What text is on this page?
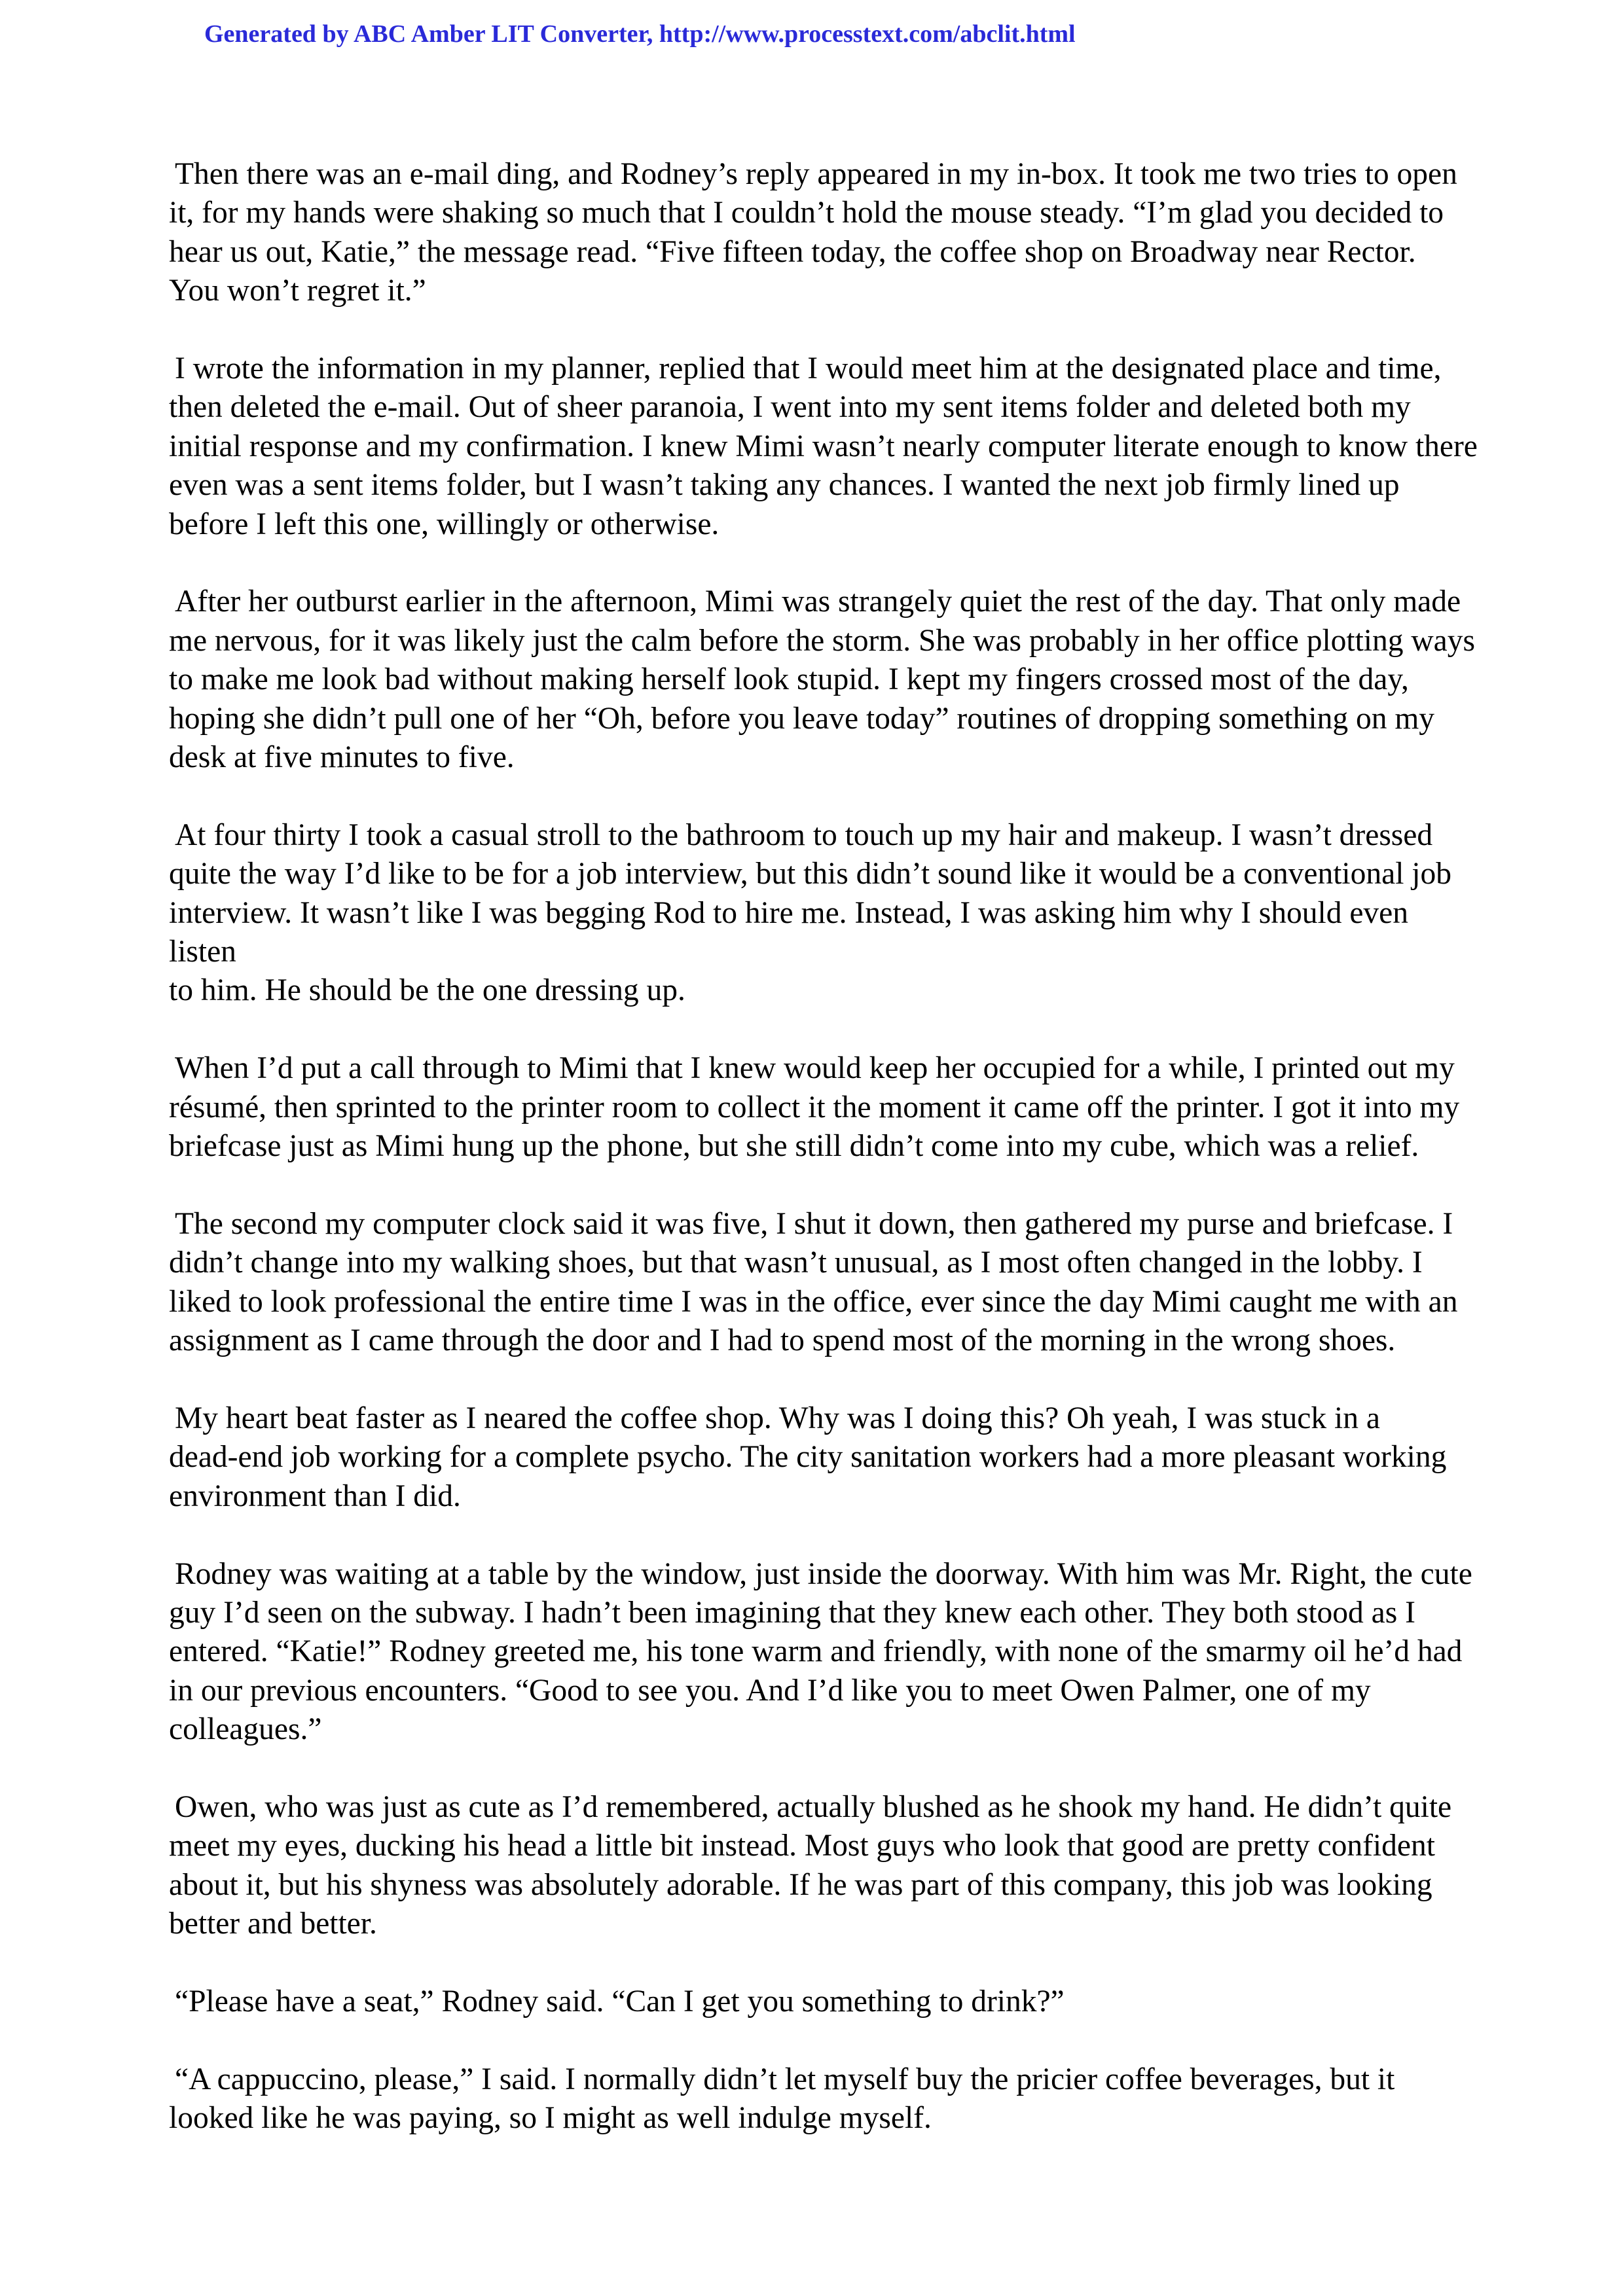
Generated by ABC Amber LIT Converter, http://www.processtext.com/abclit.html

Then there was an e-mail ding, and Rodney’s reply appeared in my in-box. It took me two tries to open
it, for my hands were shaking so much that I couldn’t hold the mouse steady. “I’m glad you decided to
hear us out, Katie,” the message read. “Five fifteen today, the coffee shop on Broadway near Rector.
You won’t regret it.”

I wrote the information in my planner, replied that I would meet him at the designated place and time,
then deleted the e-mail. Out of sheer paranoia, I went into my sent items folder and deleted both my
initial response and my confirmation. I knew Mimi wasn’t nearly computer literate enough to know there
even was a sent items folder, but I wasn’t taking any chances. I wanted the next job firmly lined up
before I left this one, willingly or otherwise.

After her outburst earlier in the afternoon, Mimi was strangely quiet the rest of the day. That only made
me nervous, for it was likely just the calm before the storm. She was probably in her office plotting ways
to make me look bad without making herself look stupid. I kept my fingers crossed most of the day,
hoping she didn’t pull one of her “Oh, before you leave today” routines of dropping something on my
desk at five minutes to five.

At four thirty I took a casual stroll to the bathroom to touch up my hair and makeup. I wasn’t dressed
quite the way I’d like to be for a job interview, but this didn’t sound like it would be a conventional job
interview. It wasn’t like I was begging Rod to hire me. Instead, I was asking him why I should even listen
to him. He should be the one dressing up.

When I’d put a call through to Mimi that I knew would keep her occupied for a while, I printed out my
résumé, then sprinted to the printer room to collect it the moment it came off the printer. I got it into my
briefcase just as Mimi hung up the phone, but she still didn’t come into my cube, which was a relief.

The second my computer clock said it was five, I shut it down, then gathered my purse and briefcase. I
didn’t change into my walking shoes, but that wasn’t unusual, as I most often changed in the lobby. I
liked to look professional the entire time I was in the office, ever since the day Mimi caught me with an
assignment as I came through the door and I had to spend most of the morning in the wrong shoes.

My heart beat faster as I neared the coffee shop. Why was I doing this? Oh yeah, I was stuck in a
dead-end job working for a complete psycho. The city sanitation workers had a more pleasant working
environment than I did.

Rodney was waiting at a table by the window, just inside the doorway. With him was Mr. Right, the cute
guy I’d seen on the subway. I hadn’t been imagining that they knew each other. They both stood as I
entered. “Katie!” Rodney greeted me, his tone warm and friendly, with none of the smarmy oil he’d had
in our previous encounters. “Good to see you. And I’d like you to meet Owen Palmer, one of my
colleagues.”

Owen, who was just as cute as I’d remembered, actually blushed as he shook my hand. He didn’t quite
meet my eyes, ducking his head a little bit instead. Most guys who look that good are pretty confident
about it, but his shyness was absolutely adorable. If he was part of this company, this job was looking
better and better.

“Please have a seat,” Rodney said. “Can I get you something to drink?”

“A cappuccino, please,” I said. I normally didn’t let myself buy the pricier coffee beverages, but it
looked like he was paying, so I might as well indulge myself.
